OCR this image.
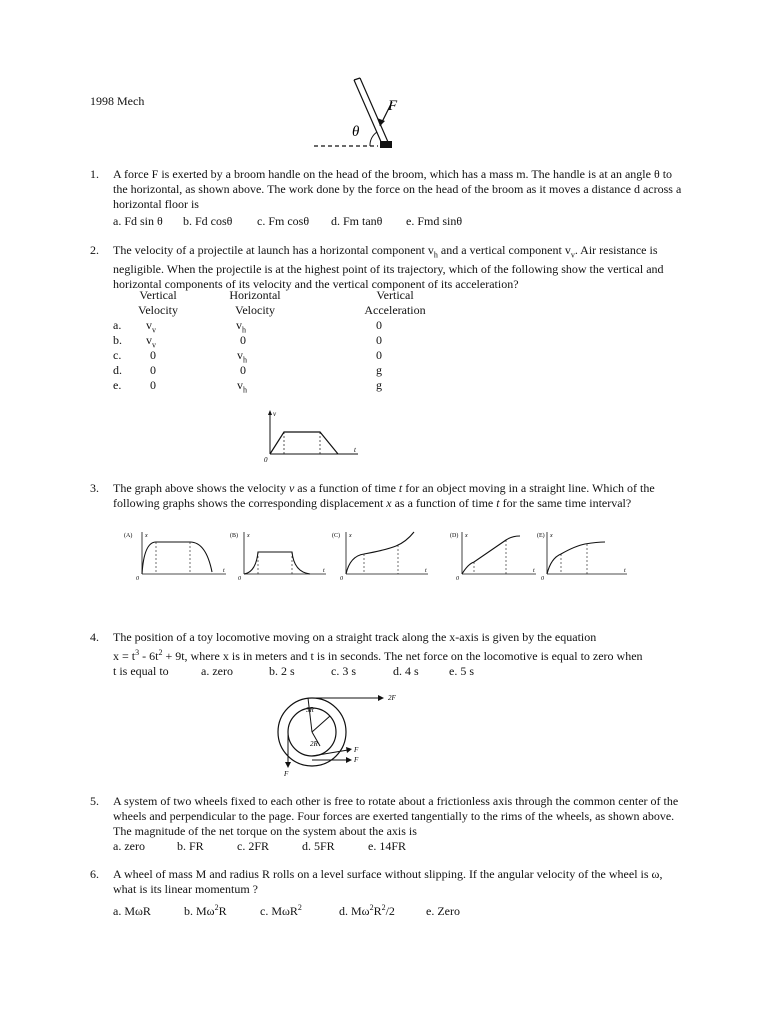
1998 Mech	F
θ
1. A force F is exerted by a broom handle on the head of the broom, which has a mass m. The handle is at an angle θ to the horizontal, as shown above. The work done by the force on the head of the broom as it moves a distance d across a horizontal floor is
a. Fd sin θ b. Fd cosθ c. Fm cosθ d. Fm tanθ e. Fmd sinθ
2. The velocity of a projectile at launch has a horizontal component $v_h$ and a vertical component $v_v$. Air resistance is negligible. When the projectile is at the highest point of its trajectory, which of the following show the vertical and horizontal components of its velocity and the vertical component of its acceleration?
Vertical
Velocity
Horizontal
Velocity
Vertical
Acceleration
a. $v_v$	$v_h$	0
b. $v_v$	0	0
c. 0	$v_h$	0
d. 0	0	g
e. 0	$v_h$	g
v
t
0
3. The graph above shows the velocity v as a function of time t for an object moving in a straight line. Which of the following graphs shows the corresponding displacement x as a function of time t for the same time interval?
(A) x
t
0
(B) x
t
0
(C) x
t
0
(D) x
t
0
(E) x
t
0
4. The position of a toy locomotive moving on a straight track along the x-axis is given by the equation
$x = t^3 - 6t^2 + 9t$, where x is in meters and t is in seconds. The net force on the locomotive is equal to zero when
t is equal to	a. zero	b. 2 s	c. 3 s	d. 4 s	e. 5 s
2F
3R
2R
F
F
F
5. A system of two wheels fixed to each other is free to rotate about a frictionless axis through the common center of the wheels and perpendicular to the page. Four forces are exerted tangentially to the rims of the wheels, as shown above. The magnitude of the net torque on the system about the axis is
a. zero	b. FR	c. 2FR	d. 5FR	e. 14FR
6. A wheel of mass M and radius R rolls on a level surface without slipping. If the angular velocity of the wheel is ω, what is its linear momentum ?
a. MωR	b. $M\omega^2R$	c. MωR$^2$	d. $M\omega^2R^2/2$	e. Zero
